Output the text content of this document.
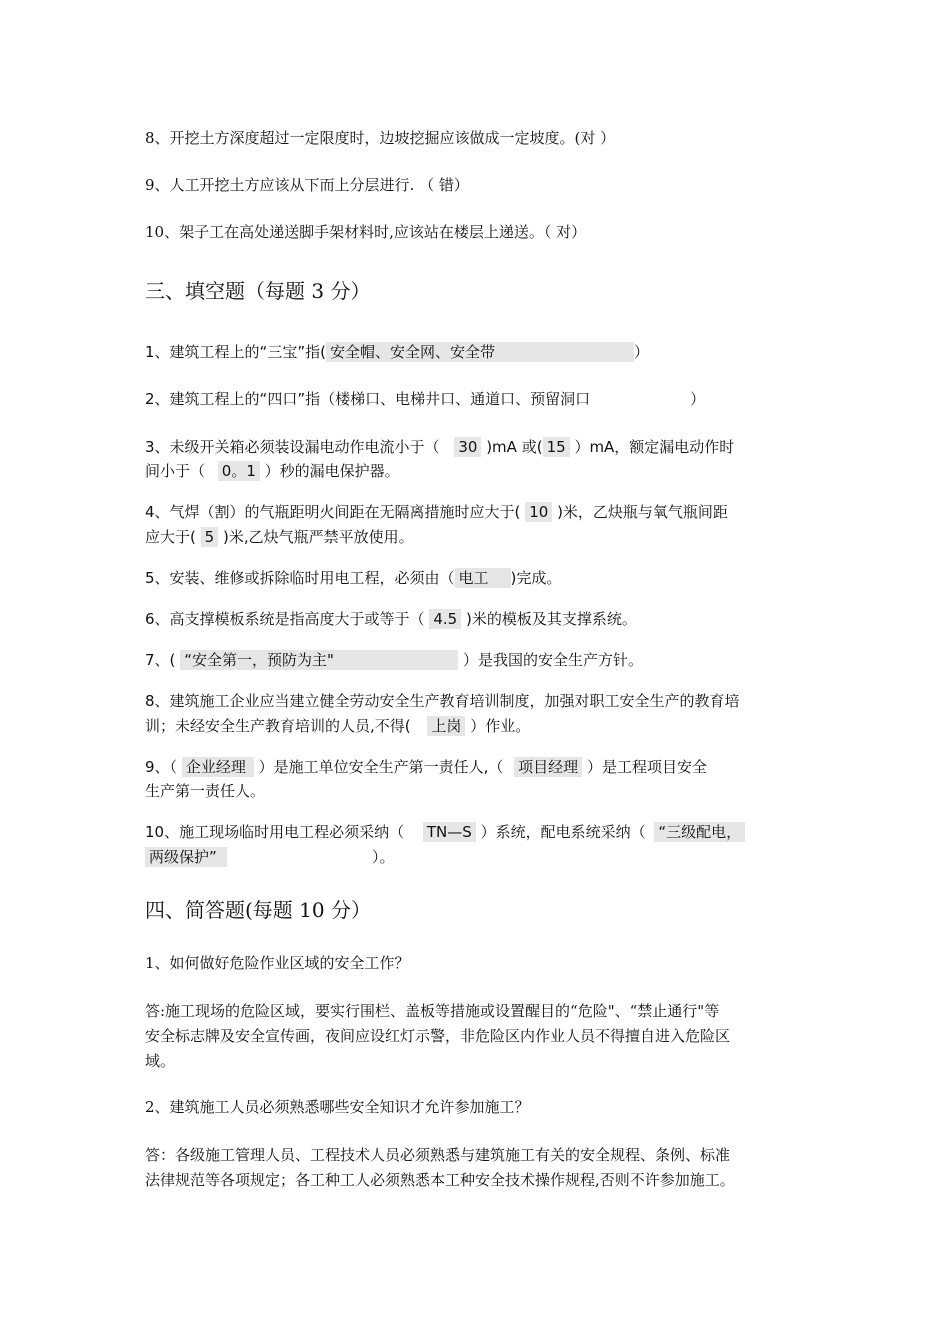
8、开挖土方深度超过一定限度时，边坡挖掘应该做成一定坡度。(对 ）
9、人工开挖土方应该从下而上分层进行. （ 错）
10、架子工在高处递送脚手架材料时,应该站在楼层上递送。（ 对）
三、填空题（每题 3 分）
1、建筑工程上的“三宝”指( 安全帽、安全网、安全带	）
2、建筑工程上的“四口”指（楼梯口、电梯井口、通道口、预留洞口	）
3、未级开关箱必须装设漏电动作电流小于（ 30 )mA 或( 15 ）mA，额定漏电动作时
间小于（ 0。1 ）秒的漏电保护器。
4、气焊（割）的气瓶距明火间距在无隔离措施时应大于( 10 )米，乙炔瓶与氧气瓶间距
应大于( 5 )米,乙炔气瓶严禁平放使用。
5、安装、维修或拆除临时用电工程，必须由（ 电工 )完成。
6、高支撑模板系统是指高度大于或等于（ 4.5 )米的模板及其支撑系统。
7、( “安全第一，预防为主"	）是我国的安全生产方针。
8、建筑施工企业应当建立健全劳动安全生产教育培训制度，加强对职工安全生产的教育培
训；未经安全生产教育培训的人员,不得( 上岗 ）作业。
9、（ 企业经理 ）是施工单位安全生产第一责任人,（ 项目经理 ）是工程项目安全
生产第一责任人。
10、施工现场临时用电工程必须采纳（ TN—S ）系统，配电系统采纳（ “三级配电，
两级保护”	）。
四、简答题(每题 10 分）
1、如何做好危险作业区域的安全工作？
答:施工现场的危险区域，要实行围栏、盖板等措施或设置醒目的“危险"、“禁止通行"等
安全标志牌及安全宣传画，夜间应设红灯示警，非危险区内作业人员不得擅自进入危险区
域。
2、建筑施工人员必须熟悉哪些安全知识才允许参加施工？
答：各级施工管理人员、工程技术人员必须熟悉与建筑施工有关的安全规程、条例、标准
法律规范等各项规定；各工种工人必须熟悉本工种安全技术操作规程,否则不许参加施工。
